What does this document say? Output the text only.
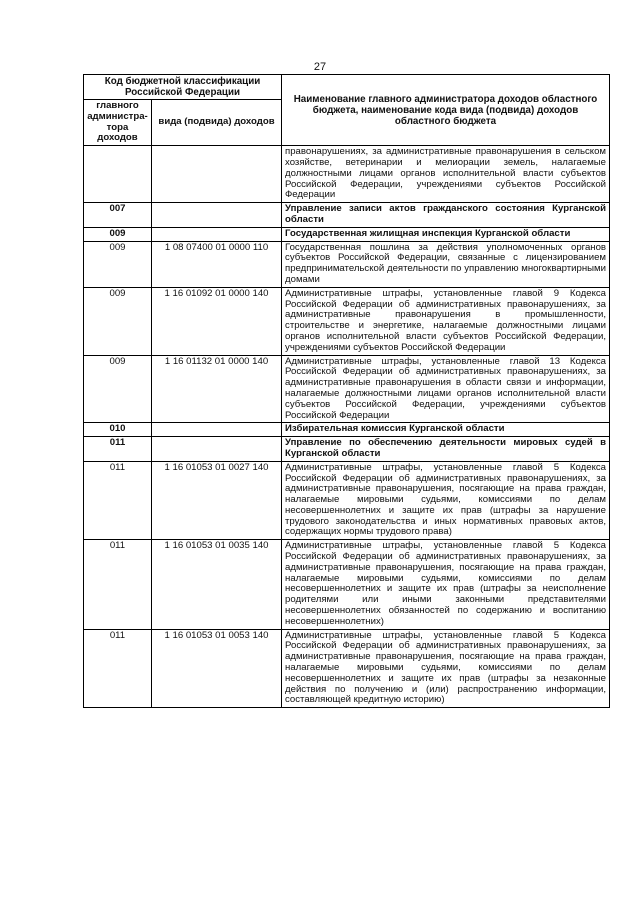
27
Код бюджетной классификации Российской Федерации		Наименование главного администратора доходов областного бюджета, наименование кода вида (подвида) доходов областного бюджета
главного администра-тора доходов	вида (подвида) доходов	
		правонарушениях, за административные правонарушения в сельском хозяйстве, ветеринарии и мелиорации земель, налагаемые должностными лицами органов исполнительной власти субъектов Российской Федерации, учреждениями субъектов Российской Федерации
007		Управление записи актов гражданского состояния Курганской области
009		Государственная жилищная инспекция Курганской области
009	1 08 07400 01 0000 110	Государственная пошлина за действия уполномоченных органов субъектов Российской Федерации, связанные с лицензированием предпринимательской деятельности по управлению многоквартирными домами
009	1 16 01092 01 0000 140	Административные штрафы, установленные главой 9 Кодекса Российской Федерации об административных правонарушениях, за административные правонарушения в промышленности, строительстве и энергетике, налагаемые должностными лицами органов исполнительной власти субъектов Российской Федерации, учреждениями субъектов Российской Федерации
009	1 16 01132 01 0000 140	Административные штрафы, установленные главой 13 Кодекса Российской Федерации об административных правонарушениях, за административные правонарушения в области связи и информации, налагаемые должностными лицами органов исполнительной власти субъектов Российской Федерации, учреждениями субъектов Российской Федерации
010		Избирательная комиссия Курганской области
011		Управление по обеспечению деятельности мировых судей в Курганской области
011	1 16 01053 01 0027 140	Административные штрафы, установленные главой 5 Кодекса Российской Федерации об административных правонарушениях, за административные правонарушения, посягающие на права граждан, налагаемые мировыми судьями, комиссиями по делам несовершеннолетних и защите их прав (штрафы за нарушение трудового законодательства и иных нормативных правовых актов, содержащих нормы трудового права)
011	1 16 01053 01 0035 140	Административные штрафы, установленные главой 5 Кодекса Российской Федерации об административных правонарушениях, за административные правонарушения, посягающие на права граждан, налагаемые мировыми судьями, комиссиями по делам несовершеннолетних и защите их прав (штрафы за неисполнение родителями или иными законными представителями несовершеннолетних обязанностей по содержанию и воспитанию несовершеннолетних)
011	1 16 01053 01 0053 140	Административные штрафы, установленные главой 5 Кодекса Российской Федерации об административных правонарушениях, за административные правонарушения, посягающие на права граждан, налагаемые мировыми судьями, комиссиями по делам несовершеннолетних и защите их прав (штрафы за незаконные действия по получению и (или) распространению информации, составляющей кредитную историю)
